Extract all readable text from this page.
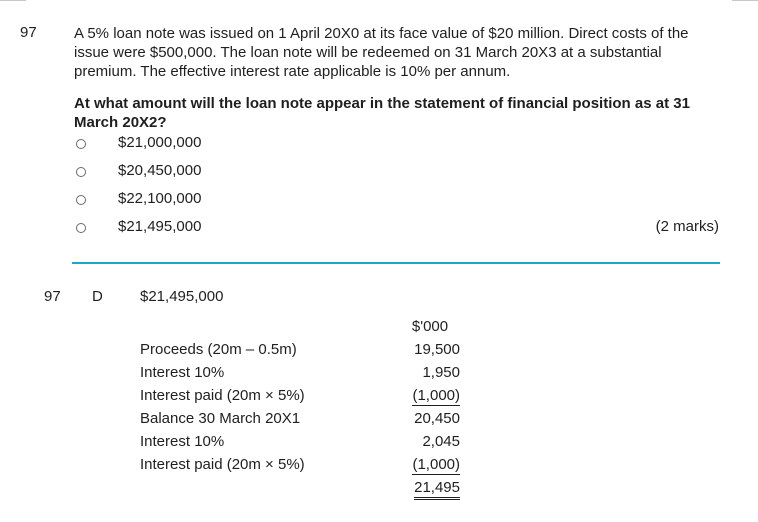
97 A 5% loan note was issued on 1 April 20X0 at its face value of $20 million. Direct costs of the issue were $500,000. The loan note will be redeemed on 31 March 20X3 at a substantial premium. The effective interest rate applicable is 10% per annum.

At what amount will the loan note appear in the statement of financial position as at 31 March 20X2?

$21,000,000
$20,450,000
$22,100,000
$21,495,000	(2 marks)
97 D $21,495,000
$'000
Proceeds (20m – 0.5m)	19,500
Interest 10%	1,950
Interest paid (20m × 5%)	(1,000)
Balance 30 March 20X1	20,450
Interest 10%	2,045
Interest paid (20m × 5%)	(1,000)
21,495
